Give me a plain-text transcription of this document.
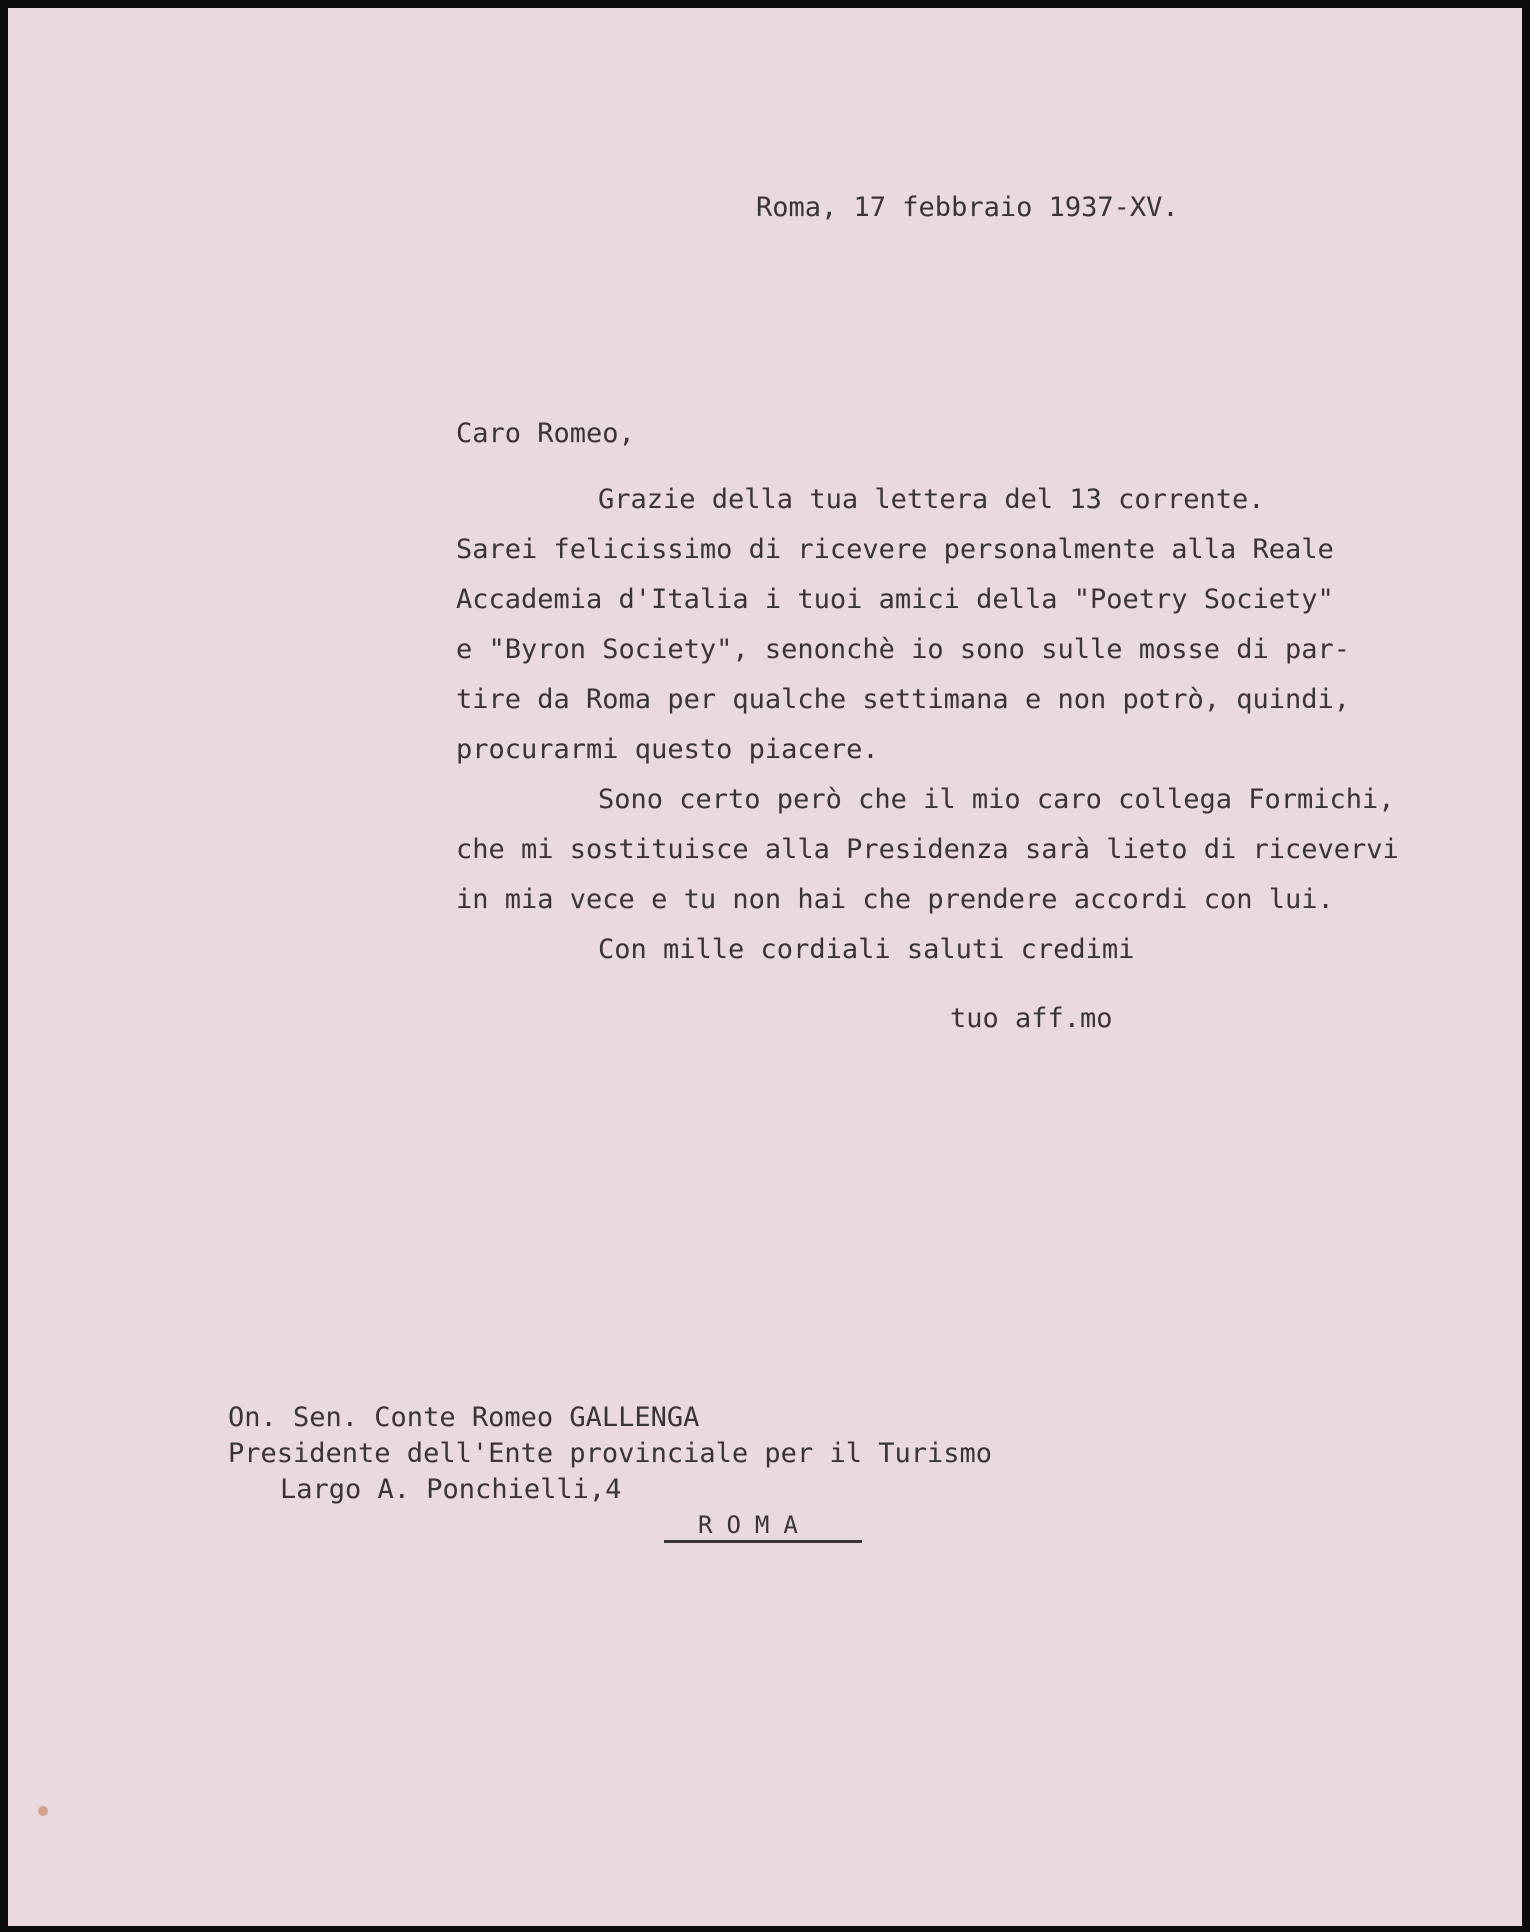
Roma, 17 febbraio 1937-XV.
Caro Romeo,
Grazie della tua lettera del 13 corrente.
Sarei felicissimo di ricevere personalmente alla Reale
Accademia d'Italia i tuoi amici della "Poetry Society"
e "Byron Society", senonchè io sono sulle mosse di par-
tire da Roma per qualche settimana e non potrò, quindi,
procurarmi questo piacere.
Sono certo però che il mio caro collega Formichi,
che mi sostituisce alla Presidenza sarà lieto di ricevervi
in mia vece e tu non hai che prendere accordi con lui.
Con mille cordiali saluti credimi
tuo aff.mo
On. Sen. Conte Romeo GALLENGA
Presidente dell'Ente provinciale per il Turismo
Largo A. Ponchielli,4
ROMA
